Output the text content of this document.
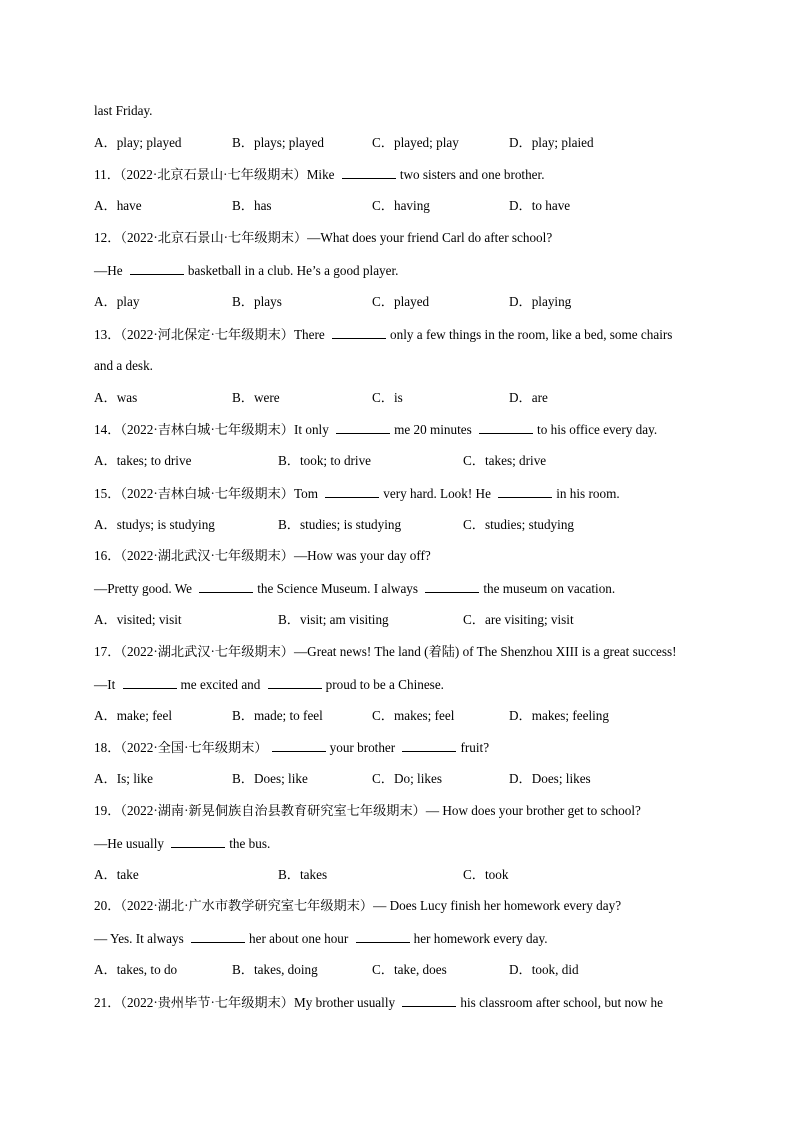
last Friday.
A．play; played	B．plays; played	C．played; play	D．play; plaied
11．（2022·北京石景山·七年级期末）Mike	two sisters and one brother.
A．have	B．has	C．having	D．to have
12．（2022·北京石景山·七年级期末）—What does your friend Carl do after school?
—He	basketball in a club. He’s a good player.
A．play	B．plays	C．played	D．playing
13．（2022·河北保定·七年级期末）There	only a few things in the room, like a bed, some chairs
and a desk.
A．was	B．were	C．is	D．are
14．（2022·吉林白城·七年级期末）It only	me 20 minutes	to his office every day.
A．takes; to drive	B．took; to drive	C．takes; drive
15．（2022·吉林白城·七年级期末）Tom	very hard. Look! He	in his room.
A．studys; is studying	B．studies; is studying	C．studies; studying
16．（2022·湖北武汉·七年级期末）—How was your day off?
—Pretty good. We	the Science Museum. I always	the museum on vacation.
A．visited; visit	B．visit; am visiting	C．are visiting; visit
17．（2022·湖北武汉·七年级期末）—Great news! The land (着陆) of The Shenzhou XIII is a great success!
—It	me excited and	proud to be a Chinese.
A．make; feel	B．made; to feel	C．makes; feel	D．makes; feeling
18．（2022·全国·七年级期末）	your brother	fruit?
A．Is; like	B．Does; like	C．Do; likes	D．Does; likes
19．（2022·湖南·新晃侗族自治县教育研究室七年级期末）— How does your brother get to school?
—He usually	the bus.
A．take	B．takes	C．took
20．（2022·湖北·广水市教学研究室七年级期末）— Does Lucy finish her homework every day?
— Yes. It always	her about one hour	her homework every day.
A．takes, to do	B．takes, doing	C．take, does	D．took, did
21．（2022·贵州毕节·七年级期末）My brother usually	his classroom after school, but now he
